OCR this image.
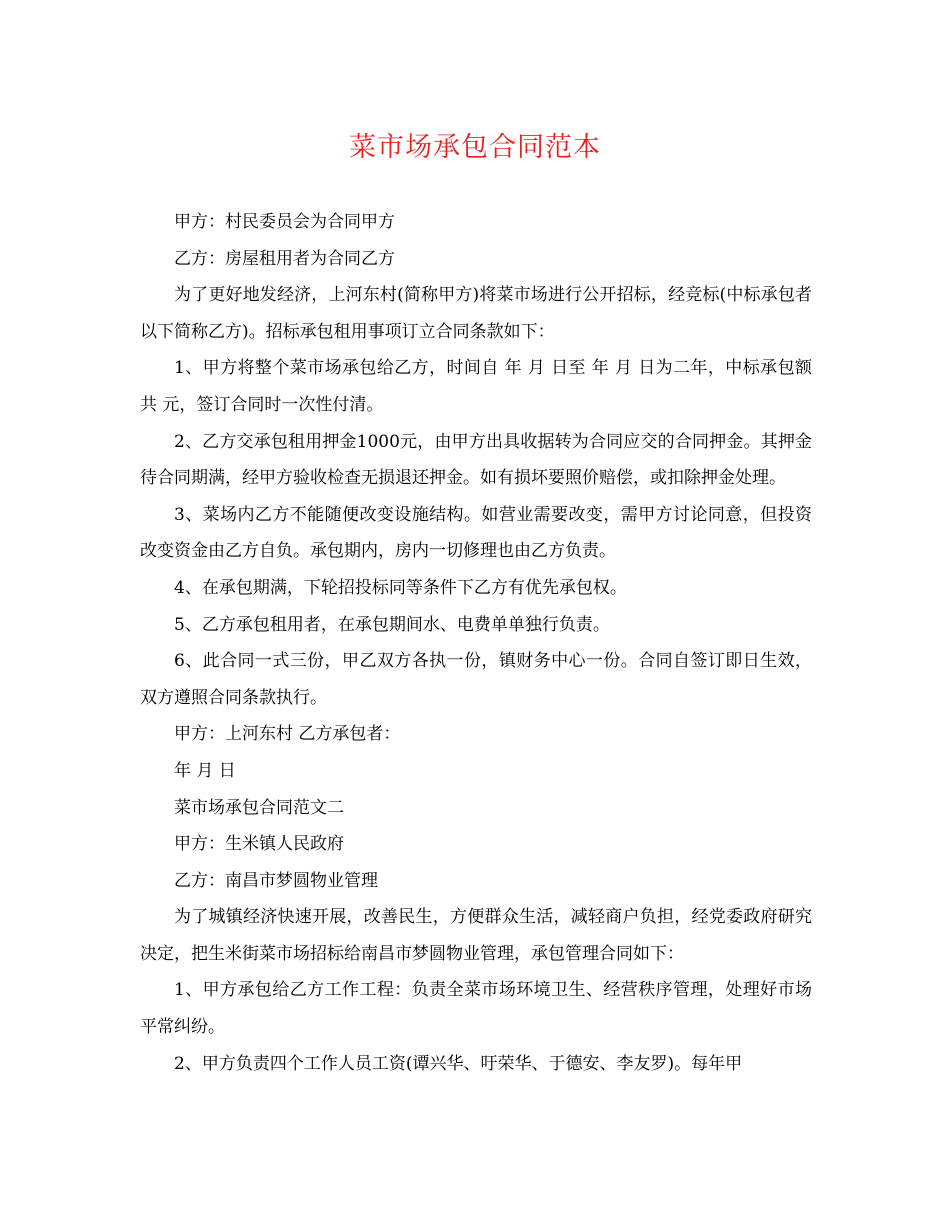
菜市场承包合同范本

甲方：村民委员会为合同甲方

乙方：房屋租用者为合同乙方

为了更好地发经济，上河东村(简称甲方)将菜市场进行公开招标，经竞标(中标承包者以下简称乙方)。招标承包租用事项订立合同条款如下：

1、甲方将整个菜市场承包给乙方，时间自 年 月 日至 年 月 日为二年，中标承包额共 元，签订合同时一次性付清。

2、乙方交承包租用押金1000元，由甲方出具收据转为合同应交的合同押金。其押金待合同期满，经甲方验收检查无损退还押金。如有损坏要照价赔偿，或扣除押金处理。

3、菜场内乙方不能随便改变设施结构。如营业需要改变，需甲方讨论同意，但投资改变资金由乙方自负。承包期内，房内一切修理也由乙方负责。

4、在承包期满，下轮招投标同等条件下乙方有优先承包权。

5、乙方承包租用者，在承包期间水、电费单单独行负责。

6、此合同一式三份，甲乙双方各执一份，镇财务中心一份。合同自签订即日生效，双方遵照合同条款执行。

甲方：上河东村 乙方承包者：

年 月 日

菜市场承包合同范文二

甲方：生米镇人民政府

乙方：南昌市梦圆物业管理

为了城镇经济快速开展，改善民生，方便群众生活，减轻商户负担，经党委政府研究决定，把生米街菜市场招标给南昌市梦圆物业管理，承包管理合同如下：

1、甲方承包给乙方工作工程：负责全菜市场环境卫生、经营秩序管理，处理好市场平常纠纷。

2、甲方负责四个工作人员工资(谭兴华、吁荣华、于德安、李友罗)。每年甲
